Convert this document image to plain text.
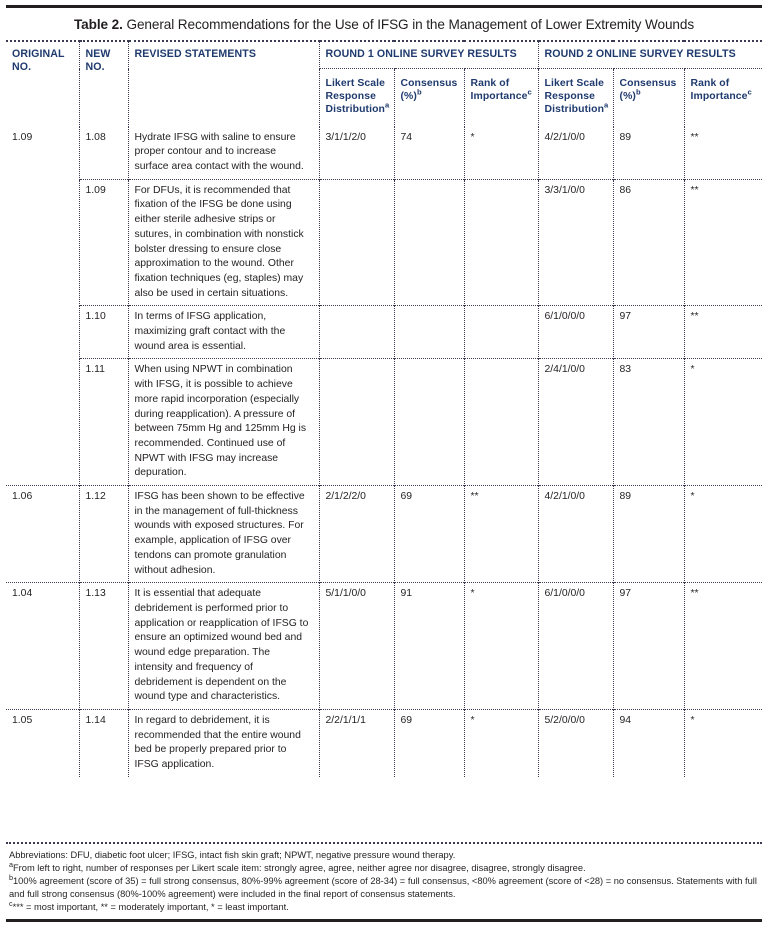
Table 2. General Recommendations for the Use of IFSG in the Management of Lower Extremity Wounds
ORIGINAL NO.	NEW NO.	REVISED STATEMENTS	ROUND 1 ONLINE SURVEY RESULTS			ROUND 2 ONLINE SURVEY RESULTS		
			Likert Scale Response Distribution$^a$	Consensus (%)$^b$	Rank of Importance$^c$	Likert Scale Response Distribution$^a$	Consensus (%)$^b$	Rank of Importance$^c$
1.09	1.08	Hydrate IFSG with saline to ensure proper contour and to increase surface area contact with the wound.	3/1/1/2/0	74	*	4/2/1/0/0	89	**
	1.09	For DFUs, it is recommended that fixation of the IFSG be done using either sterile adhesive strips or sutures, in combination with nonstick bolster dressing to ensure close approximation to the wound. Other fixation techniques (eg, staples) may also be used in certain situations.				3/3/1/0/0	86	**
	1.10	In terms of IFSG application, maximizing graft contact with the wound area is essential.				6/1/0/0/0	97	**
	1.11	When using NPWT in combination with IFSG, it is possible to achieve more rapid incorporation (especially during reapplication). A pressure of between 75mm Hg and 125mm Hg is recommended. Continued use of NPWT with IFSG may increase depuration.				2/4/1/0/0	83	*
1.06	1.12	IFSG has been shown to be effective in the management of full-thickness wounds with exposed structures. For example, application of IFSG over tendons can promote granulation without adhesion.	2/1/2/2/0	69	**	4/2/1/0/0	89	*
1.04	1.13	It is essential that adequate debridement is performed prior to application or reapplication of IFSG to ensure an optimized wound bed and wound edge preparation. The intensity and frequency of debridement is dependent on the wound type and characteristics.	5/1/1/0/0	91	*	6/1/0/0/0	97	**
1.05	1.14	In regard to debridement, it is recommended that the entire wound bed be properly prepared prior to IFSG application.	2/2/1/1/1	69	*	5/2/0/0/0	94	*

Abbreviations: DFU, diabetic foot ulcer; IFSG, intact fish skin graft; NPWT, negative pressure wound therapy.

$^a$From left to right, number of responses per Likert scale item: strongly agree, agree, neither agree nor disagree, disagree, strongly disagree.

$^b$100% agreement (score of 35) = full strong consensus, 80%-99% agreement (score of 28-34) = full consensus, <80% agreement (score of <28) = no consensus. Statements with full and full strong consensus (80%-100% agreement) were included in the final report of consensus statements.

$^c$*** = most important, ** = moderately important, * = least important.
